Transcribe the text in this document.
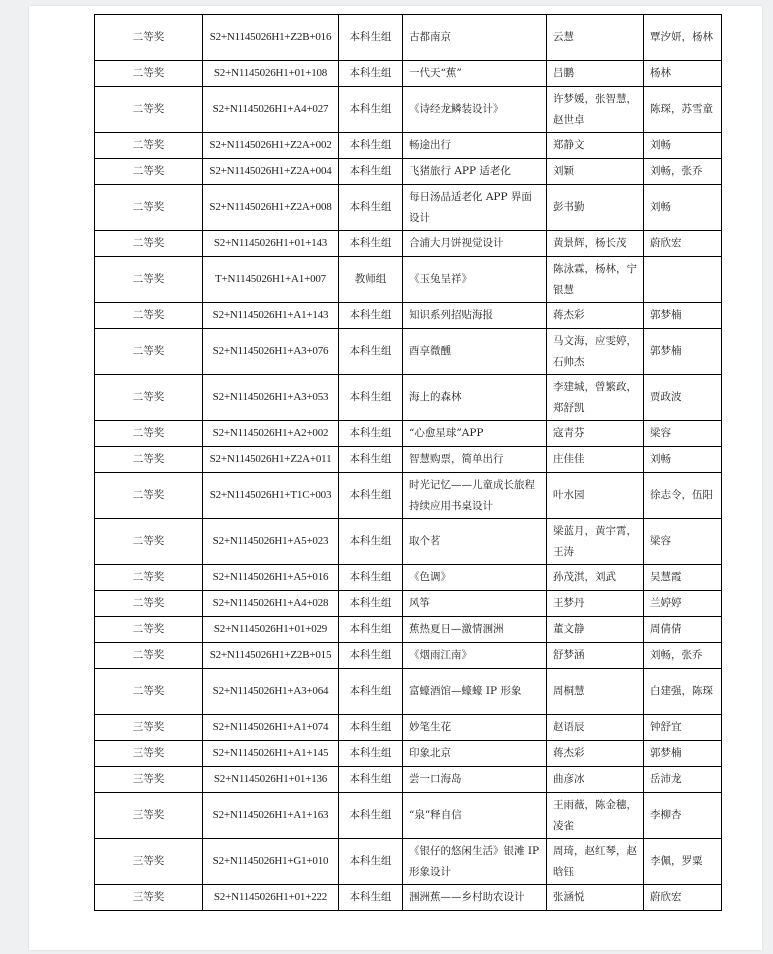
二等奖	S2+N1145026H1+Z2B+016	本科生组	古都南京	云慧	覃汐妍，杨林
二等奖	S2+N1145026H1+01+108	本科生组	一代天“蕉”	吕鹏	杨林
二等奖	S2+N1145026H1+A4+027	本科生组	《诗经龙鳞装设计》	许梦媛，张智慧，赵世卓	陈琛，苏雪童
二等奖	S2+N1145026H1+Z2A+002	本科生组	畅途出行	郑静文	刘畅
二等奖	S2+N1145026H1+Z2A+004	本科生组	飞猪旅行 APP 适老化	刘颖	刘畅，张乔
二等奖	S2+N1145026H1+Z2A+008	本科生组	每日汤品适老化 APP 界面设计	彭书勤	刘畅
二等奖	S2+N1145026H1+01+143	本科生组	合浦大月饼视觉设计	黄景辉，杨长茂	蔚欣宏
二等奖	T+N1145026H1+A1+007	教师组	《玉兔呈祥》	陈泳霖，杨林，宁银慧	
二等奖	S2+N1145026H1+A1+143	本科生组	知识系列招贴海报	蒋杰彩	郭梦楠
二等奖	S2+N1145026H1+A3+076	本科生组	酉享微醺	马文海，应雯婷，石帅杰	郭梦楠
二等奖	S2+N1145026H1+A3+053	本科生组	海上的森林	李建城，曾繁政，郑舒凯	贾政波
二等奖	S2+N1145026H1+A2+002	本科生组	“心愈星球”APP	寇青芬	梁容
二等奖	S2+N1145026H1+Z2A+011	本科生组	智慧购票，简单出行	庄佳佳	刘畅
二等奖	S2+N1145026H1+T1C+003	本科生组	时光记忆——儿童成长旅程持续应用书桌设计	叶水园	徐志令，伍阳
二等奖	S2+N1145026H1+A5+023	本科生组	取个茗	梁蓝月，黄宇霄，王涛	梁容
二等奖	S2+N1145026H1+A5+016	本科生组	《色调》	孙茂淇，刘武	吴慧霞
二等奖	S2+N1145026H1+A4+028	本科生组	风筝	王梦丹	兰婷婷
二等奖	S2+N1145026H1+01+029	本科生组	蕉热夏日—激情涠洲	董文静	周倩倩
二等奖	S2+N1145026H1+Z2B+015	本科生组	《烟雨江南》	舒梦涵	刘畅，张乔
二等奖	S2+N1145026H1+A3+064	本科生组	富蠔酒馆—蠔蠔 IP 形象	周桐慧	白建强，陈琛
三等奖	S2+N1145026H1+A1+074	本科生组	妙笔生花	赵语辰	钟舒宜
三等奖	S2+N1145026H1+A1+145	本科生组	印象北京	蒋杰彩	郭梦楠
三等奖	S2+N1145026H1+01+136	本科生组	尝一口海岛	曲彦冰	岳沛龙
三等奖	S2+N1145026H1+A1+163	本科生组	“泉”释自信	王雨薇，陈金穗，凌雀	李柳杏
三等奖	S2+N1145026H1+G1+010	本科生组	《银仔的悠闲生活》银滩 IP 形象设计	周琦，赵红琴，赵晗钰	李佩，罗粟
三等奖	S2+N1145026H1+01+222	本科生组	涠洲蕉——乡村助农设计	张涵悦	蔚欣宏
